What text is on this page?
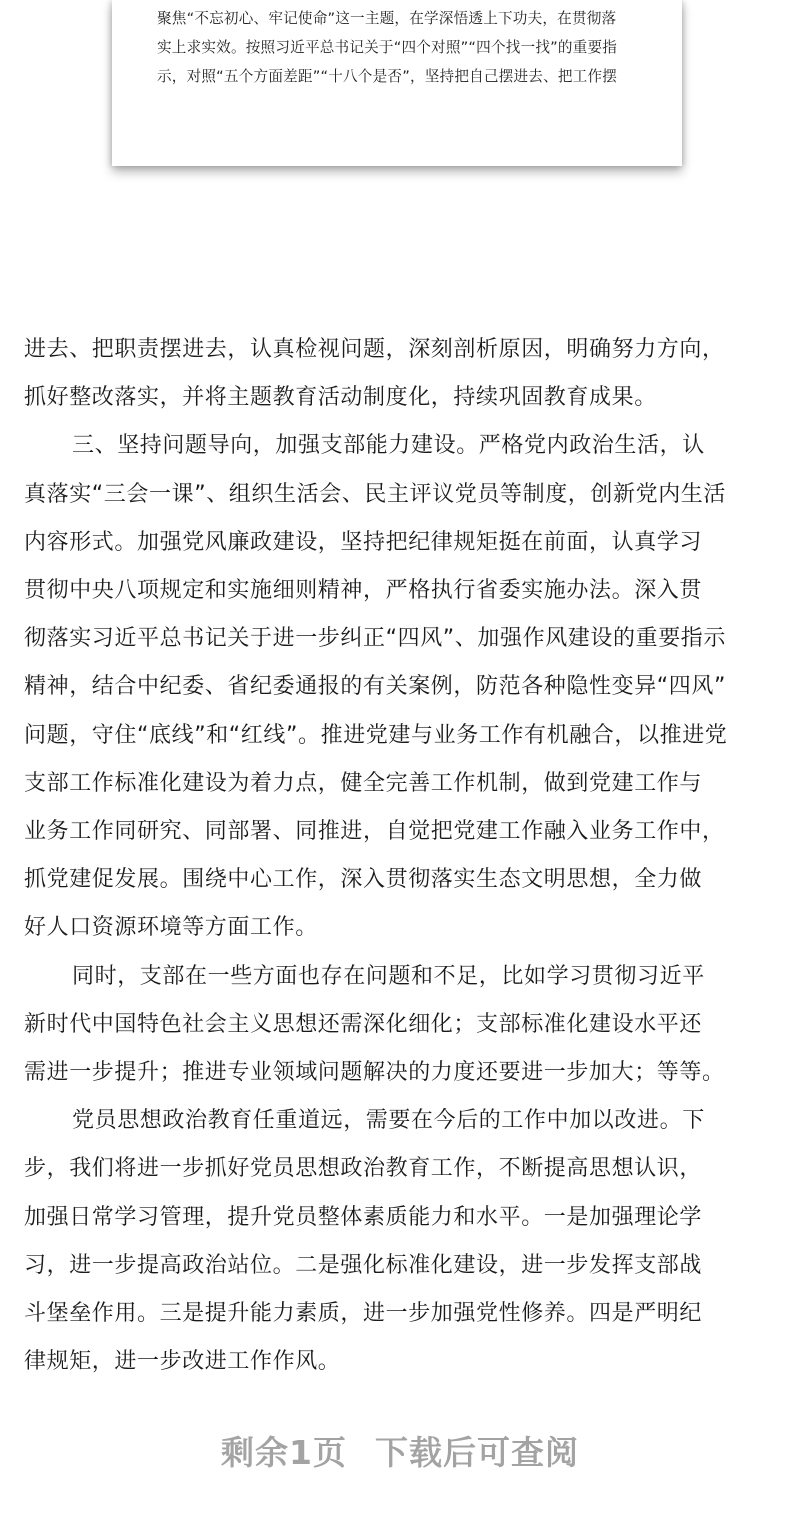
聚焦“不忘初心、牢记使命”这一主题，在学深悟透上下功夫，在贯彻落
实上求实效。按照习近平总书记关于“四个对照”“四个找一找”的重要指
示，对照“五个方面差距”“十八个是否”，坚持把自己摆进去、把工作摆
进去、把职责摆进去，认真检视问题，深刻剖析原因，明确努力方向，
抓好整改落实，并将主题教育活动制度化，持续巩固教育成果。
三、坚持问题导向，加强支部能力建设。严格党内政治生活，认
真落实“三会一课”、组织生活会、民主评议党员等制度，创新党内生活
内容形式。加强党风廉政建设，坚持把纪律规矩挺在前面，认真学习
贯彻中央八项规定和实施细则精神，严格执行省委实施办法。深入贯
彻落实习近平总书记关于进一步纠正“四风”、加强作风建设的重要指示
精神，结合中纪委、省纪委通报的有关案例，防范各种隐性变异“四风”
问题，守住“底线”和“红线”。推进党建与业务工作有机融合，以推进党
支部工作标准化建设为着力点，健全完善工作机制，做到党建工作与
业务工作同研究、同部署、同推进，自觉把党建工作融入业务工作中，
抓党建促发展。围绕中心工作，深入贯彻落实生态文明思想，全力做
好人口资源环境等方面工作。
同时，支部在一些方面也存在问题和不足，比如学习贯彻习近平
新时代中国特色社会主义思想还需深化细化；支部标准化建设水平还
需进一步提升；推进专业领域问题解决的力度还要进一步加大；等等。
党员思想政治教育任重道远，需要在今后的工作中加以改进。下
步，我们将进一步抓好党员思想政治教育工作，不断提高思想认识，
加强日常学习管理，提升党员整体素质能力和水平。一是加强理论学
习，进一步提高政治站位。二是强化标准化建设，进一步发挥支部战
斗堡垒作用。三是提升能力素质，进一步加强党性修养。四是严明纪
律规矩，进一步改进工作作风。
剩余1页 下载后可查阅
